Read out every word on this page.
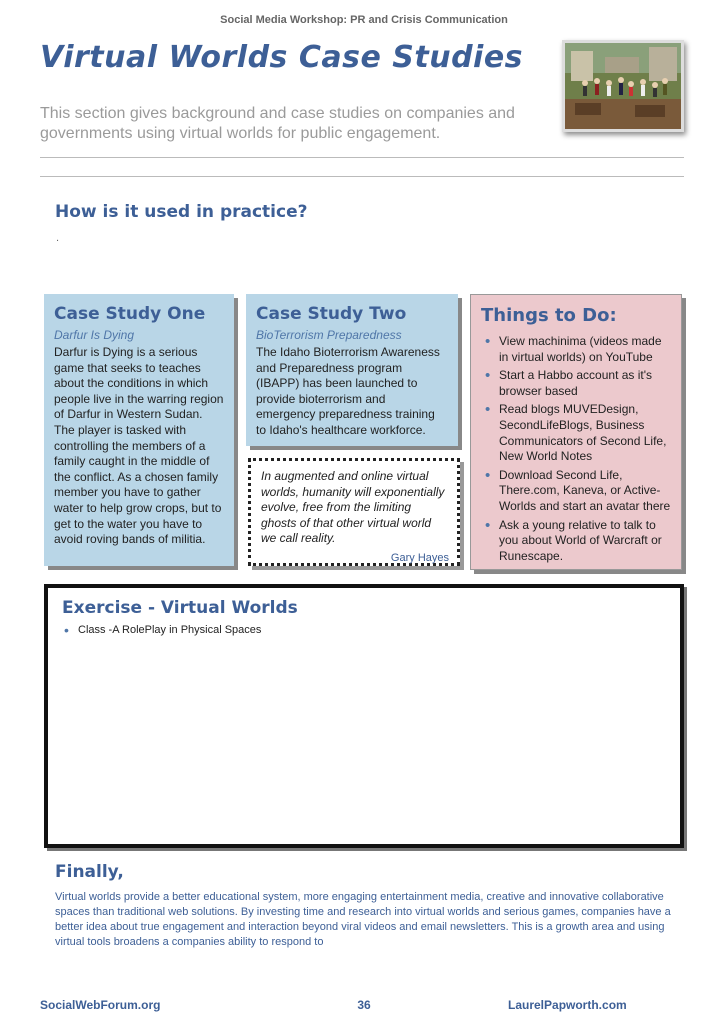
Social Media Workshop: PR and Crisis Communication
Virtual Worlds Case Studies
This section gives background and case studies on companies and governments using virtual worlds for public engagement.
How is it used in practice?
.
Case Study One
Darfur Is Dying
Darfur is Dying is a serious game that seeks to teaches about the conditions in which people live in the warring region of Darfur in Western Sudan. The player is tasked with controlling the members of a family caught in the middle of the conflict. As a chosen family member you have to gather water to help grow crops, but to get to the water you have to avoid roving bands of militia.
Case Study Two
BioTerrorism Preparedness
The Idaho Bioterrorism Awareness and Preparedness program (IBAPP) has been launched to provide bioterrorism and emergency preparedness training to Idaho's healthcare workforce.
In augmented and online virtual worlds, humanity will exponentially evolve, free from the limiting ghosts of that other virtual world we call reality.
Gary Hayes
Things to Do:
• View machinima (videos made in virtual worlds) on YouTube
• Start a Habbo account as it's browser based
• Read blogs MUVEDesign, SecondLifeBlogs, Business Communicators of Second Life, New World Notes
• Download Second Life, There.com, Kaneva, or Active-Worlds and start an avatar there
• Ask a young relative to talk to you about World of Warcraft or Runescape.
Exercise - Virtual Worlds
• Class -A RolePlay in Physical Spaces
Finally,
Virtual worlds provide a better educational system, more engaging entertainment media, creative and innovative collaborative spaces than traditional web solutions. By investing time and research into virtual worlds and serious games, companies have a better idea about true engagement and interaction beyond viral videos and email newsletters. This is a growth area and using virtual tools broadens a companies ability to respond to
SocialWebForum.org	36	LaurelPapworth.com
